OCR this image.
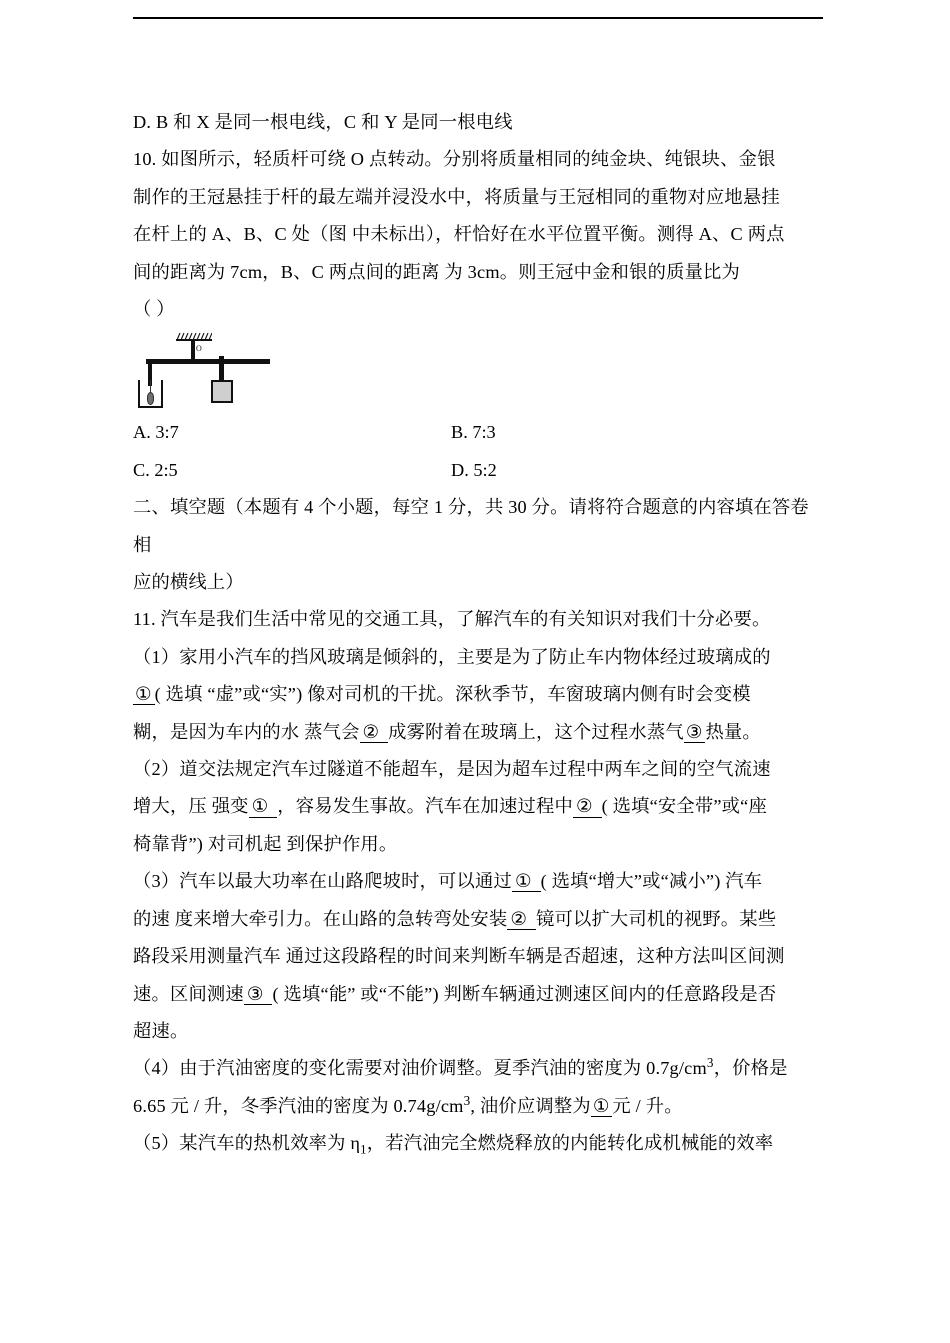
D. B 和 X 是同一根电线，C 和 Y 是同一根电线

10. 如图所示，轻质杆可绕 O 点转动。分别将质量相同的纯金块、纯银块、金银

制作的王冠悬挂于杆的最左端并浸没水中，将质量与王冠相同的重物对应地悬挂

在杆上的 A、B、C 处（图 中未标出），杆恰好在水平位置平衡。测得 A、C 两点

间的距离为 7cm，B、C 两点间的距离 为 3cm。则王冠中金和银的质量比为

（ ）

O
A. 3:7	B. 7:3
C. 2:5	D. 5:2

二、填空题（本题有 4 个小题，每空 1 分，共 30 分。请将符合题意的内容填在答卷相

应的横线上）

11. 汽车是我们生活中常见的交通工具，了解汽车的有关知识对我们十分必要。

（1）家用小汽车的挡风玻璃是倾斜的，主要是为了防止车内物体经过玻璃成的

① ( 选填 “虚”或“实”) 像对司机的干扰。深秋季节，车窗玻璃内侧有时会变模

糊，是因为车内的水 蒸气会 ② 成雾附着在玻璃上，这个过程水蒸气 ③ 热量。

（2）道交法规定汽车过隧道不能超车，是因为超车过程中两车之间的空气流速

增大，压 强变 ① ，容易发生事故。汽车在加速过程中 ② ( 选填“安全带”或“座

椅靠背”) 对司机起 到保护作用。

（3）汽车以最大功率在山路爬坡时，可以通过 ① ( 选填“增大”或“减小”) 汽车

的速 度来增大牵引力。在山路的急转弯处安装 ② 镜可以扩大司机的视野。某些

路段采用测量汽车 通过这段路程的时间来判断车辆是否超速，这种方法叫区间测

速。区间测速 ③ ( 选填“能” 或“不能”) 判断车辆通过测速区间内的任意路段是否

超速。

（4）由于汽油密度的变化需要对油价调整。夏季汽油的密度为 $0.7g/cm^3$，价格是

6.65 元 / 升，冬季汽油的密度为 $0.74g/cm^3$, 油价应调整为 ① 元 / 升。

（5）某汽车的热机效率为 $\eta_1$，若汽油完全燃烧释放的内能转化成机械能的效率
